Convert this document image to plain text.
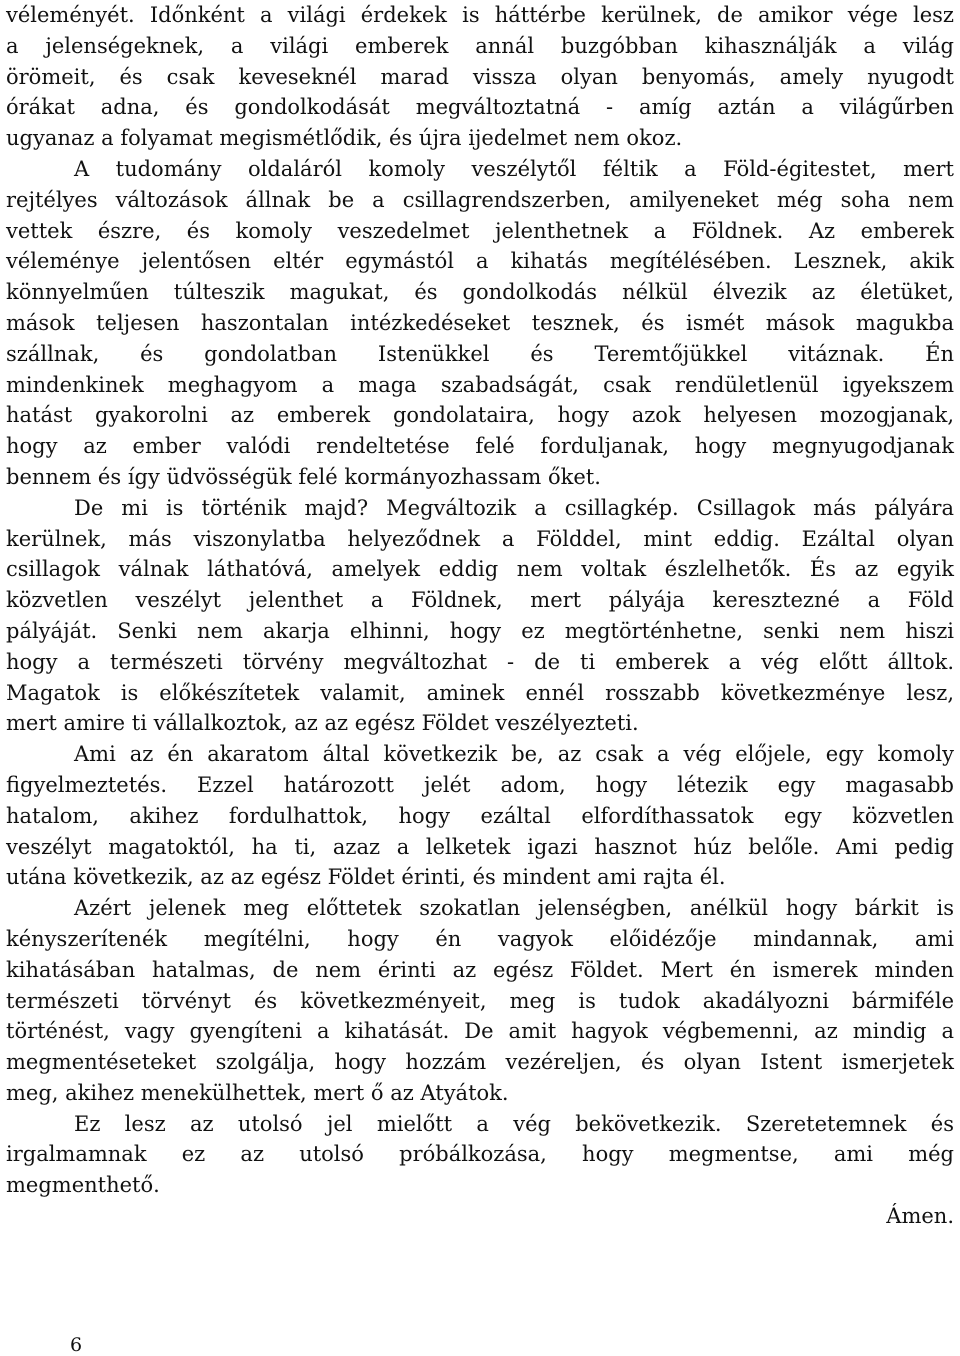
véleményét. Időnként a világi érdekek is háttérbe kerülnek, de amikor vége lesz
a jelenségeknek, a világi emberek annál buzgóbban kihasználják a világ
örömeit, és csak keveseknél marad vissza olyan benyomás, amely nyugodt
órákat adna, és gondolkodását megváltoztatná - amíg aztán a világűrben
ugyanaz a folyamat megismétlődik, és újra ijedelmet nem okoz.
A tudomány oldaláról komoly veszélytől féltik a Föld-égitestet, mert
rejtélyes változások állnak be a csillagrendszerben, amilyeneket még soha nem
vettek észre, és komoly veszedelmet jelenthetnek a Földnek. Az emberek
véleménye jelentősen eltér egymástól a kihatás megítélésében. Lesznek, akik
könnyelműen túlteszik magukat, és gondolkodás nélkül élvezik az életüket,
mások teljesen haszontalan intézkedéseket tesznek, és ismét mások magukba
szállnak, és gondolatban Istenükkel és Teremtőjükkel vitáznak. Én
mindenkinek meghagyom a maga szabadságát, csak rendületlenül igyekszem
hatást gyakorolni az emberek gondolataira, hogy azok helyesen mozogjanak,
hogy az ember valódi rendeltetése felé forduljanak, hogy megnyugodjanak
bennem és így üdvösségük felé kormányozhassam őket.
De mi is történik majd? Megváltozik a csillagkép. Csillagok más pályára
kerülnek, más viszonylatba helyeződnek a Földdel, mint eddig. Ezáltal olyan
csillagok válnak láthatóvá, amelyek eddig nem voltak észlelhetők. És az egyik
közvetlen veszélyt jelenthet a Földnek, mert pályája keresztezné a Föld
pályáját. Senki nem akarja elhinni, hogy ez megtörténhetne, senki nem hiszi
hogy a természeti törvény megváltozhat - de ti emberek a vég előtt álltok.
Magatok is előkészítetek valamit, aminek ennél rosszabb következménye lesz,
mert amire ti vállalkoztok, az az egész Földet veszélyezteti.
Ami az én akaratom által következik be, az csak a vég előjele, egy komoly
figyelmeztetés. Ezzel határozott jelét adom, hogy létezik egy magasabb
hatalom, akihez fordulhattok, hogy ezáltal elfordíthassatok egy közvetlen
veszélyt magatoktól, ha ti, azaz a lelketek igazi hasznot húz belőle. Ami pedig
utána következik, az az egész Földet érinti, és mindent ami rajta él.
Azért jelenek meg előttetek szokatlan jelenségben, anélkül hogy bárkit is
kényszerítenék megítélni, hogy én vagyok előidézője mindannak, ami
kihatásában hatalmas, de nem érinti az egész Földet. Mert én ismerek minden
természeti törvényt és következményeit, meg is tudok akadályozni bármiféle
történést, vagy gyengíteni a kihatását. De amit hagyok végbemenni, az mindig a
megmentéseteket szolgálja, hogy hozzám vezéreljen, és olyan Istent ismerjetek
meg, akihez menekülhettek, mert ő az Atyátok.
Ez lesz az utolsó jel mielőtt a vég bekövetkezik. Szeretetemnek és
irgalmamnak ez az utolsó próbálkozása, hogy megmentse, ami még
megmenthető.
Ámen.
6
